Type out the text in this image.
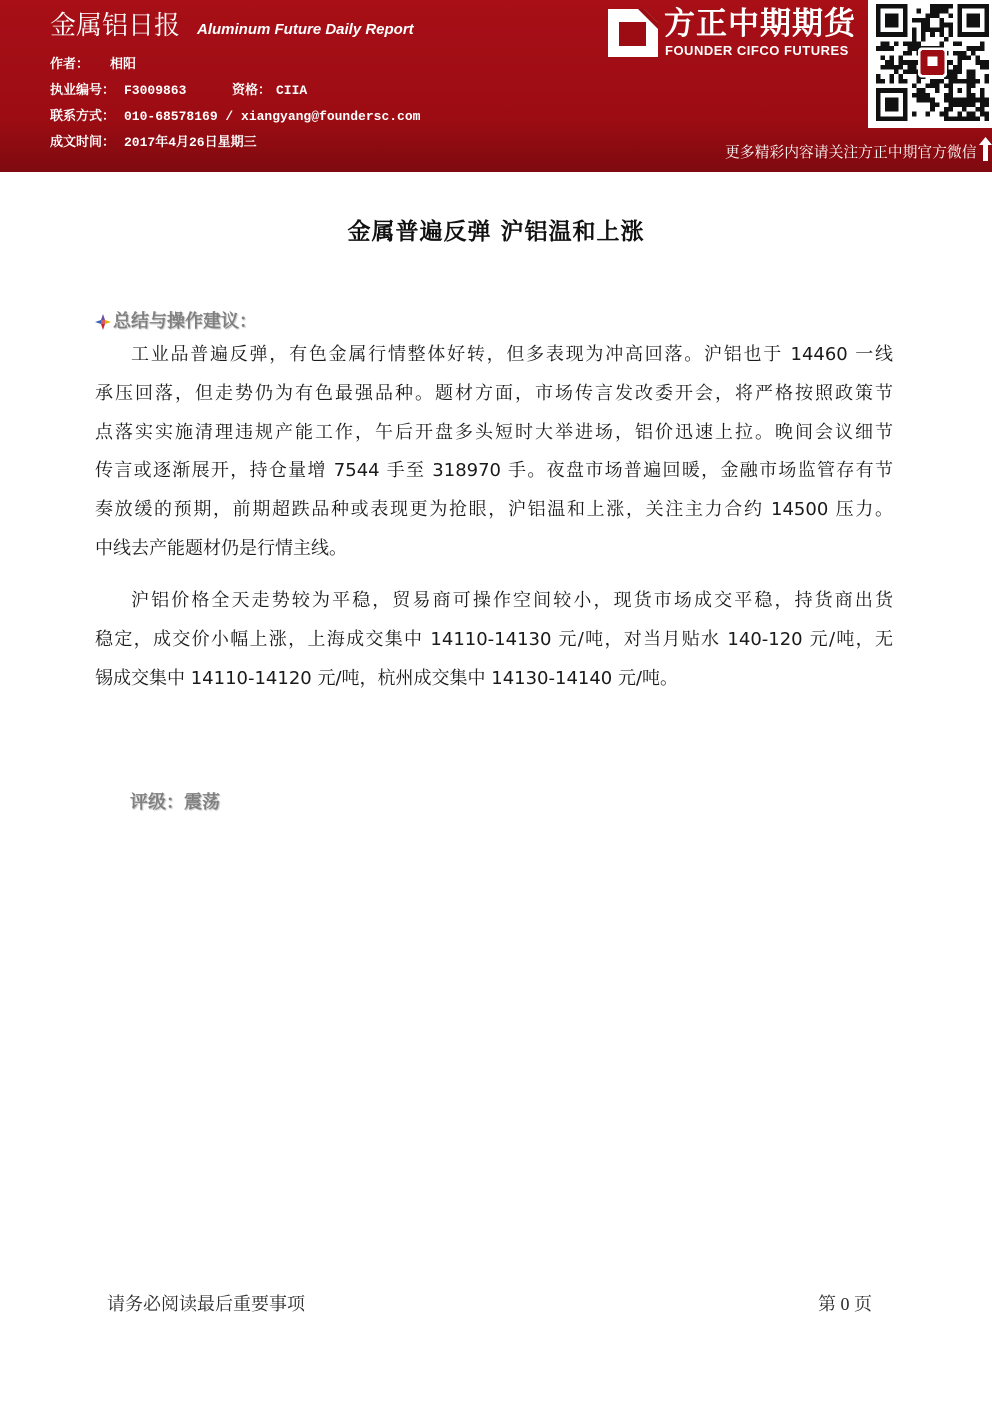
金属铝日报 Aluminum Future Daily Report
作者： 相阳
执业编号： F3009863	资格： CIIA
联系方式： 010-68578169 / xiangyang@foundersc.com
成文时间： 2017年4月26日星期三
方正中期期货
FOUNDER CIFCO FUTURES
更多精彩内容请关注方正中期官方微信
金属普遍反弹 沪铝温和上涨
总结与操作建议：
工业品普遍反弹，有色金属行情整体好转，但多表现为冲高回落。沪铝也于 14460 一线
承压回落，但走势仍为有色最强品种。题材方面，市场传言发改委开会，将严格按照政策节
点落实实施清理违规产能工作，午后开盘多头短时大举进场，铝价迅速上拉。晚间会议细节
传言或逐渐展开，持仓量增 7544 手至 318970 手。夜盘市场普遍回暖，金融市场监管存有节
奏放缓的预期，前期超跌品种或表现更为抢眼，沪铝温和上涨，关注主力合约 14500 压力。
中线去产能题材仍是行情主线。
沪铝价格全天走势较为平稳，贸易商可操作空间较小，现货市场成交平稳，持货商出货
稳定，成交价小幅上涨，上海成交集中 14110-14130 元/吨，对当月贴水 140-120 元/吨，无
锡成交集中 14110-14120 元/吨，杭州成交集中 14130-14140 元/吨。
评级：震荡
请务必阅读最后重要事项	第 0 页
